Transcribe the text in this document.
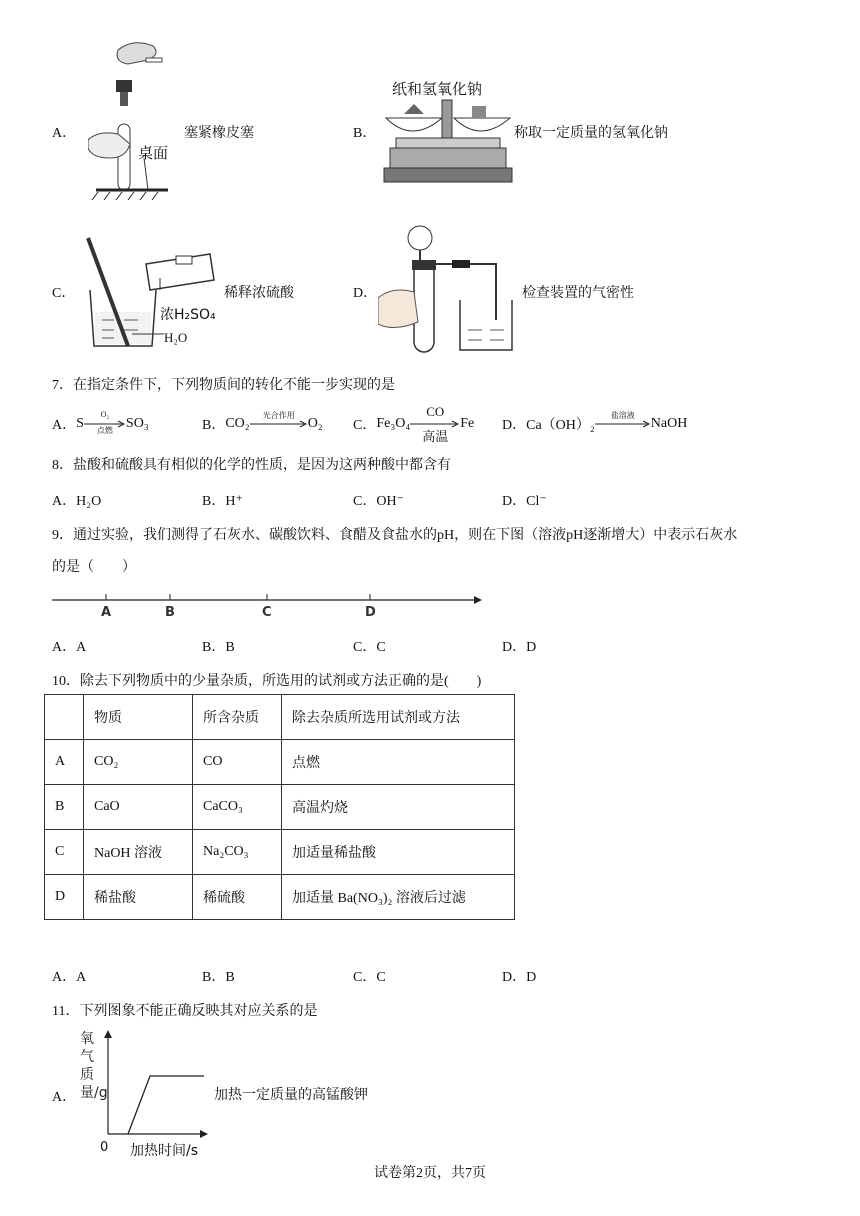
A．
桌面
塞紧橡皮塞	B．
纸和氢氧化钠
称取一定质量的氢氧化钠
C．
浓H₂SO₄
H₂O
稀释浓硫酸	D．	检查装置的气密性
7．在指定条件下，下列物质间的转化不能一步实现的是
A． S
O₂
点燃 SO₃	B． CO₂
光合作用
O₂ C． Fe₃O₄
CO
高温
Fe D． Ca（OH）₂
盐溶液
NaOH
8．盐酸和硫酸具有相似的化学的性质，是因为这两种酸中都含有
A．H₂O	B．H⁺	C．OH⁻	D．Cl⁻
9．通过实验，我们测得了石灰水、碳酸饮料、食醋及食盐水的pH，则在下图（溶液pH逐渐增大）中表示石灰水
的是（　　）
A	B	C	D
A．A	B．B	C．C	D．D
10．除去下列物质中的少量杂质，所选用的试剂或方法正确的是(　　)
	物质	所含杂质	除去杂质所选用试剂或方法
A	CO₂	CO	点燃
B	CaO	CaCO₃	高温灼烧
C	NaOH 溶液	Na₂CO₃	加适量稀盐酸
D	稀盐酸	稀硫酸	加适量 Ba(NO₃)₂ 溶液后过滤
A．A	B．B	C．C	D．D
11．下列图象不能正确反映其对应关系的是
A．
氧气质量/g
0 加热时间/s
加热一定质量的高锰酸钾
试卷第2页，共7页
